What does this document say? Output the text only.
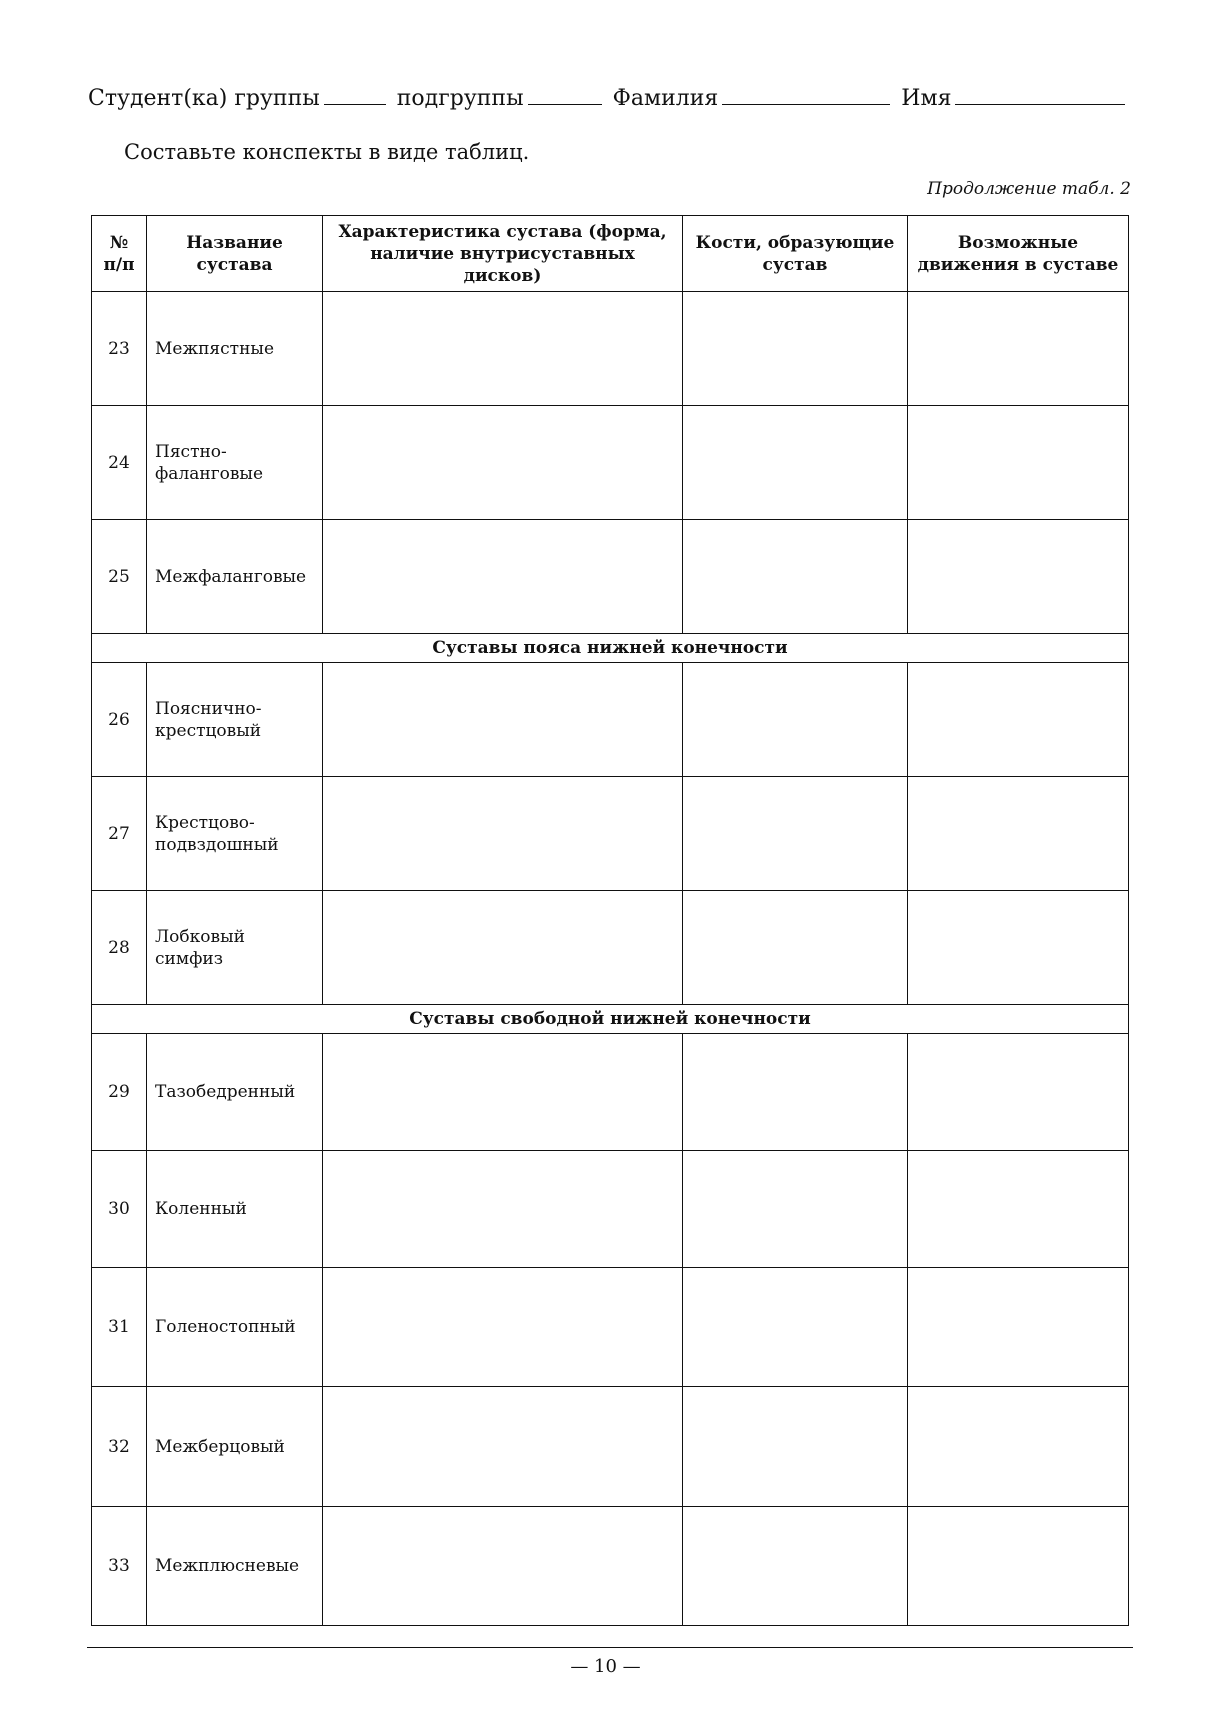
Студент(ка) группы	подгруппы	Фамилия	Имя
Составьте конспекты в виде таблиц.
Продолжение табл. 2
№ п/п	Название сустава	Характеристика сустава (форма, наличие внутрисуставных дисков)	Кости, образующие сустав	Возможные движения в суставе
23	Межпястные			
24	Пястно-фаланговые			
25	Межфаланговые			
Суставы пояса нижней конечности				
26	Пояснично-крестцовый			
27	Крестцово-подвздошный			
28	Лобковый симфиз			
Суставы свободной нижней конечности				
29	Тазобедренный			
30	Коленный			
31	Голеностопный			
32	Межберцовый			
33	Межплюсневые			
— 10 —
